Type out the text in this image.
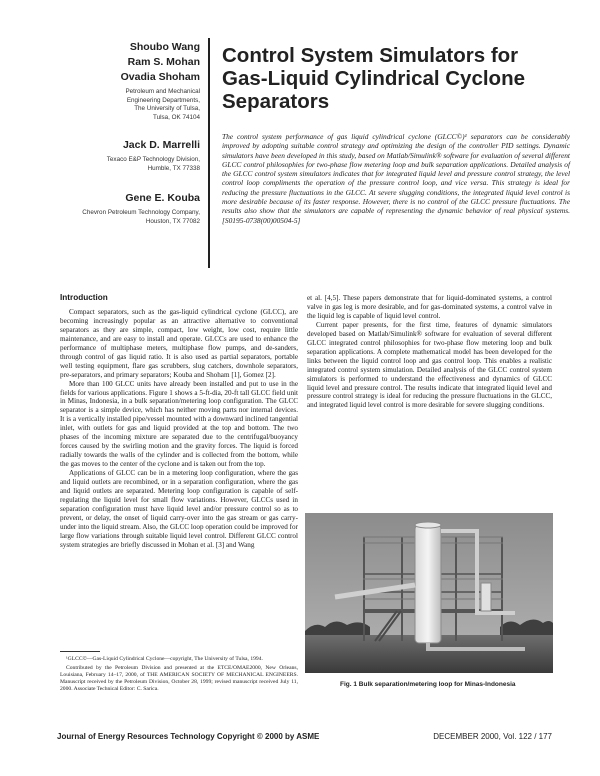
Shoubo Wang
Ram S. Mohan
Ovadia Shoham
Petroleum and Mechanical
Engineering Departments,
The University of Tulsa,
Tulsa, OK 74104
Jack D. Marrelli
Texaco E&P Technology Division,
Humble, TX 77338
Gene E. Kouba
Chevron Petroleum Technology Company,
Houston, TX 77082
Control System Simulators for
Gas-Liquid Cylindrical Cyclone
Separators
The control system performance of gas liquid cylindrical cyclone (GLCC©)¹ separators can be considerably improved by adopting suitable control strategy and optimizing the design of the controller PID settings. Dynamic simulators have been developed in this study, based on Matlab/Simulink® software for evaluation of several different GLCC control philosophies for two-phase flow metering loop and bulk separation applications. Detailed analysis of the GLCC control system simulators indicates that for integrated liquid level and pressure control strategy, the level control loop compliments the operation of the pressure control loop, and vice versa. This strategy is ideal for reducing the pressure fluctuations in the GLCC. At severe slugging conditions, the integrated liquid level control is more desirable because of its faster response. However, there is no control of the GLCC pressure fluctuations. The results also show that the simulators are capable of representing the dynamic behavior of real physical systems. [S0195-0738(00)00504-5]
Introduction

Compact separators, such as the gas-liquid cylindrical cyclone (GLCC), are becoming increasingly popular as an attractive alternative to conventional separators as they are simple, compact, low weight, low cost, require little maintenance, and are easy to install and operate. GLCCs are used to enhance the performance of multiphase meters, multiphase flow pumps, and de-sanders, through control of gas liquid ratio. It is also used as partial separators, portable well testing equipment, flare gas scrubbers, slug catchers, downhole separators, pre-separators, and primary separators; Kouba and Shoham [1], Gomez [2].

More than 100 GLCC units have already been installed and put to use in the fields for various applications. Figure 1 shows a 5-ft-dia, 20-ft tall GLCC field unit in Minas, Indonesia, in a bulk separation/metering loop configuration. The GLCC separator is a simple device, which has neither moving parts nor internal devices. It is a vertically installed pipe/vessel mounted with a downward inclined tangential inlet, with outlets for gas and liquid provided at the top and bottom. The two phases of the incoming mixture are separated due to the centrifugal/buoyancy forces caused by the swirling motion and the gravity forces. The liquid is forced radially towards the walls of the cylinder and is collected from the bottom, while the gas moves to the center of the cyclone and is taken out from the top.

Applications of GLCC can be in a metering loop configuration, where the gas and liquid outlets are recombined, or in a separation configuration, where the gas and liquid outlets are separated. Metering loop configuration is capable of self-regulating the liquid level for small flow variations. However, GLCCs used in separation configuration must have liquid level and/or pressure control so as to prevent, or delay, the onset of liquid carry-over into the gas stream or gas carry-under into the liquid stream. Also, the GLCC loop operation could be improved for large flow variations through suitable liquid level control. Different GLCC control system strategies are briefly discussed in Mohan et al. [3] and Wang

et al. [4,5]. These papers demonstrate that for liquid-dominated systems, a control valve in gas leg is more desirable, and for gas-dominated systems, a control valve in the liquid leg is capable of liquid level control.

Current paper presents, for the first time, features of dynamic simulators developed based on Matlab/Simulink® software for evaluation of several different GLCC integrated control philosophies for two-phase flow metering loop and bulk separation applications. A complete mathematical model has been developed for the links between the liquid control loop and gas control loop. This enables a realistic integrated control system simulation. Detailed analysis of the GLCC control system simulators is performed to understand the effectiveness and dynamics of GLCC liquid level and pressure control. The results indicate that integrated liquid level and pressure control strategy is ideal for reducing the pressure fluctuations in the GLCC, and integrated liquid level control is more desirable for severe slugging conditions.

¹GLCC©—Gas-Liquid Cylindrical Cyclone—copyright, The University of Tulsa, 1994.

Contributed by the Petroleum Division and presented at the ETCE/OMAE2000, New Orleans, Louisiana, February 14–17, 2000, of THE AMERICAN SOCIETY OF MECHANICAL ENGINEERS. Manuscript received by the Petroleum Division, October 28, 1999; revised manuscript received July 11, 2000. Associate Technical Editor: C. Sarica.

Fig. 1 Bulk separation/metering loop for Minas-Indonesia
Journal of Energy Resources Technology Copyright © 2000 by ASME	DECEMBER 2000, Vol. 122 / 177
